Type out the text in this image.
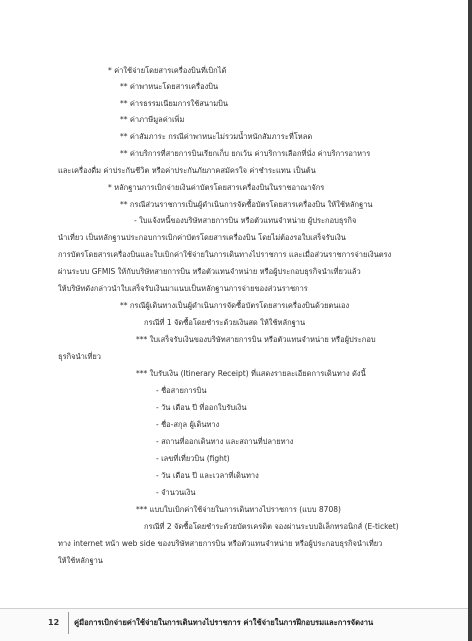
* ค่าใช้จ่ายโดยสารเครื่องบินที่เบิกได้
** ค่าพาหนะโดยสารเครื่องบิน
** ค่ารธรรมเนียมการใช้สนามบิน
** ค่าภาษีมูลค่าเพิ่ม
** ค่าสัมภาระ กรณีค่าพาหนะไม่รวมน้ำหนักสัมภาระที่โหลด
** ค่าบริการที่สายการบินเรียกเก็บ ยกเว้น ค่าบริการเลือกที่นั่ง ค่าบริการอาหาร
และเครื่องดื่ม ค่าประกันชีวิต หรือค่าประกันภัยภาคสมัครใจ ค่าชำระแทน เป็นต้น
* หลักฐานการเบิกจ่ายเงินค่าบัตรโดยสารเครื่องบินในราชอาณาจักร
** กรณีส่วนราชการเป็นผู้ดำเนินการจัดซื้อบัตรโดยสารเครื่องบิน ให้ใช้หลักฐาน
- ใบแจ้งหนี้ของบริษัทสายการบิน หรือตัวแทนจำหน่าย ผู้ประกอบธุรกิจ
นำเที่ยว เป็นหลักฐานประกอบการเบิกค่าบัตรโดยสารเครื่องบิน โดยไม่ต้องรอใบเสร็จรับเงิน
การบัตรโดยสารเครื่องบินและใบเบิกค่าใช้จ่ายในการเดินทางไปราชการ และเมื่อส่วนราชการจ่ายเงินตรง
ผ่านระบบ GFMIS ให้กับบริษัทสายการบิน หรือตัวแทนจำหน่าย หรือผู้ประกอบธุรกิจนำเที่ยวแล้ว
ให้บริษัทดังกล่าวนำใบเสร็จรับเงินมาแนบเป็นหลักฐานการจ่ายของส่วนราชการ
** กรณีผู้เดินทางเป็นผู้ดำเนินการจัดซื้อบัตรโดยสารเครื่องบินด้วยตนเอง
กรณีที่ 1 จัดซื้อโดยชำระด้วยเงินสด ให้ใช้หลักฐาน
*** ใบเสร็จรับเงินของบริษัทสายการบิน หรือตัวแทนจำหน่าย หรือผู้ประกอบ
ธุรกิจนำเที่ยว
*** ใบรับเงิน (Itinerary Receipt) ที่แสดงรายละเอียดการเดินทาง ดังนี้
- ชื่อสายการบิน
- วัน เดือน ปี ที่ออกใบรับเงิน
- ชื่อ-สกุล ผู้เดินทาง
- สถานที่ออกเดินทาง และสถานที่ปลายทาง
- เลขที่เที่ยวบิน (fight)
- วัน เดือน ปี และเวลาที่เดินทาง
- จำนวนเงิน
*** แบบใบเบิกค่าใช้จ่ายในการเดินทางไปราชการ (แบบ 8708)
กรณีที่ 2 จัดซื้อโดยชำระด้วยบัตรเครดิต จองผ่านระบบอิเล็กทรอนิกส์ (E-ticket)
ทาง internet หน้า web side ของบริษัทสายการบิน หรือตัวแทนจำหน่าย หรือผู้ประกอบธุรกิจนำเที่ยว
ให้ใช้หลักฐาน
12 คู่มือการเบิกจ่ายค่าใช้จ่ายในการเดินทางไปราชการ ค่าใช้จ่ายในการฝึกอบรมและการจัดงาน
